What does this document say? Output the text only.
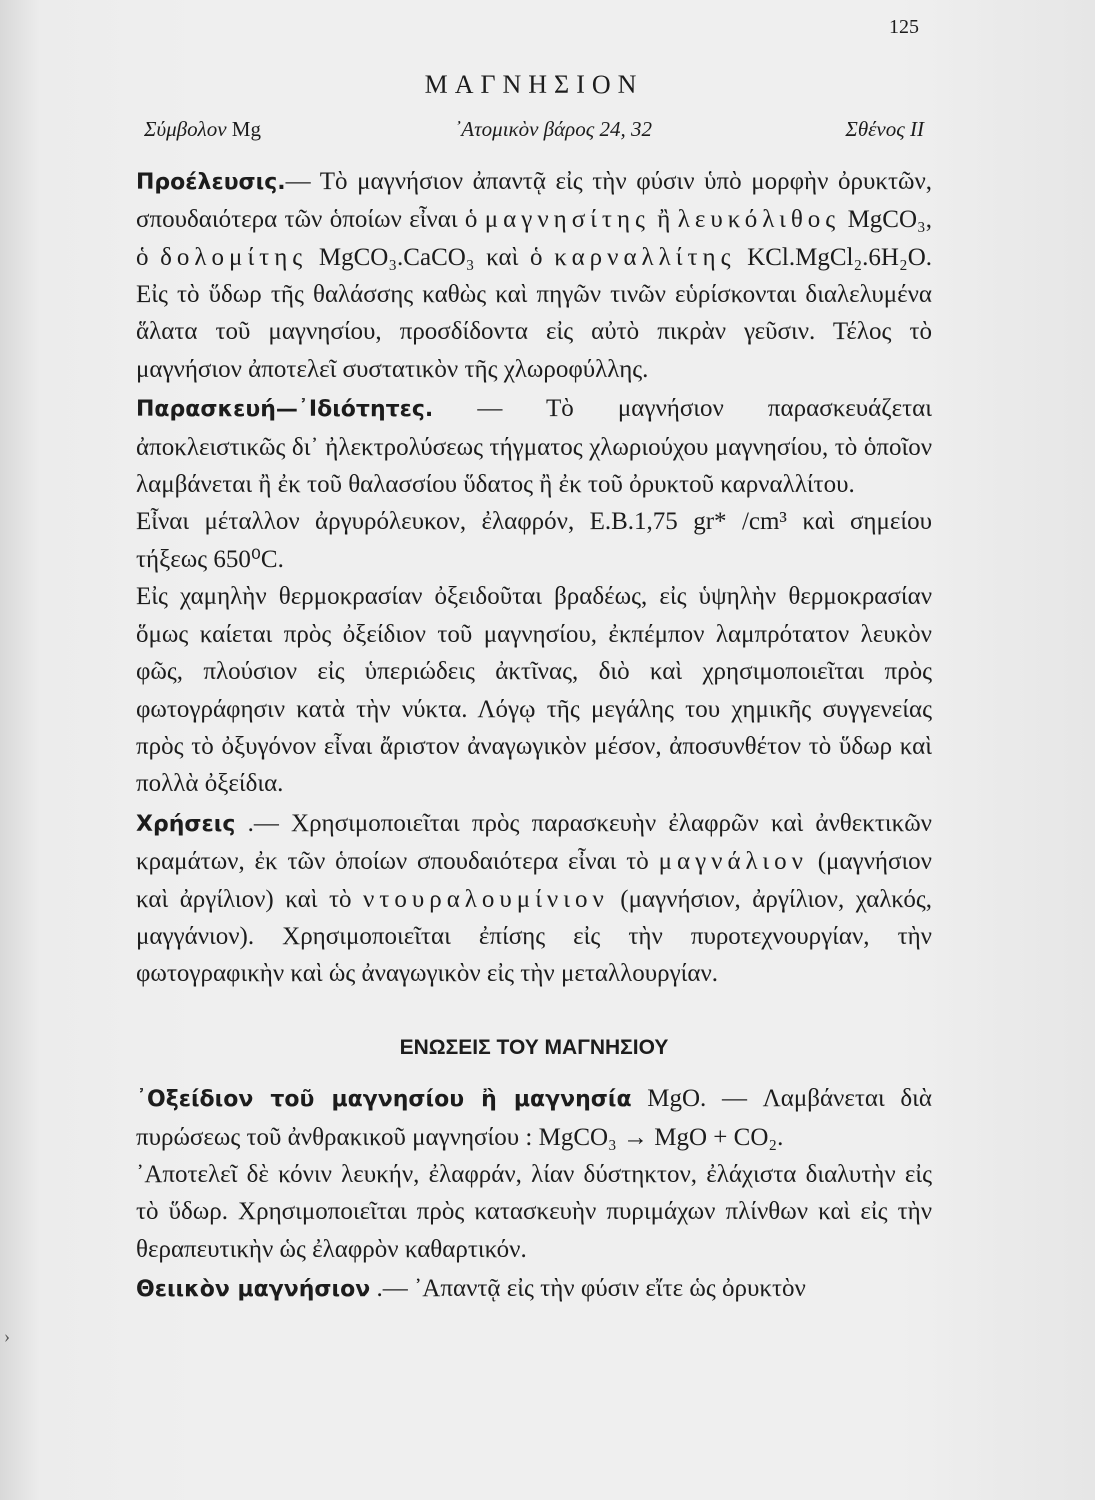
125
ΜΑΓΝΗΣΙΟΝ
Σύμβολον Mg	᾿Ατομικὸν βάρος 24, 32	Σθένος II

Προέλευσις.— Τὸ μαγνήσιον ἀπαντᾷ εἰς τὴν φύσιν ὑπὸ μορφὴν ὀρυκτῶν, σπουδαιότερα τῶν ὁποίων εἶναι ὁ μαγνησίτης ἢ λευκόλιθος MgCO₃, ὁ δολομίτης MgCO₃.CaCO₃ καὶ ὁ καρναλλίτης KCl.MgCl₂.6H₂O. Εἰς τὸ ὕδωρ τῆς θαλάσσης καθὼς καὶ πηγῶν τινῶν εὑρίσκονται διαλελυμένα ἅλατα τοῦ μαγνησίου, προσδίδοντα εἰς αὐτὸ πικρὰν γεῦσιν. Τέλος τὸ μαγνήσιον ἀποτελεῖ συστατικὸν τῆς χλωροφύλλης.

Παρασκευή—᾿Ιδιότητες. — Τὸ μαγνήσιον παρασκευάζεται ἀποκλειστικῶς δι᾿ ἠλεκτρολύσεως τήγματος χλωριούχου μαγνησίου, τὸ ὁποῖον λαμβάνεται ἢ ἐκ τοῦ θαλασσίου ὕδατος ἢ ἐκ τοῦ ὀρυκτοῦ καρναλλίτου.

Εἶναι μέταλλον ἀργυρόλευκον, ἐλαφρόν, Ε.Β.1,75 gr* /cm³ καὶ σημείου τήξεως 650⁰C.

Εἰς χαμηλὴν θερμοκρασίαν ὀξειδοῦται βραδέως, εἰς ὑψηλὴν θερμοκρασίαν ὅμως καίεται πρὸς ὀξείδιον τοῦ μαγνησίου, ἐκπέμπον λαμπρότατον λευκὸν φῶς, πλούσιον εἰς ὑπεριώδεις ἀκτῖνας, διὸ καὶ χρησιμοποιεῖται πρὸς φωτογράφησιν κατὰ τὴν νύκτα. Λόγῳ τῆς μεγάλης του χημικῆς συγγενείας πρὸς τὸ ὀξυγόνον εἶναι ἄριστον ἀναγωγικὸν μέσον, ἀποσυνθέτον τὸ ὕδωρ καὶ πολλὰ ὀξείδια.

Χρήσεις .— Χρησιμοποιεῖται πρὸς παρασκευὴν ἐλαφρῶν καὶ ἀνθεκτικῶν κραμάτων, ἐκ τῶν ὁποίων σπουδαιότερα εἶναι τὸ μαγνάλιον (μαγνήσιον καὶ ἀργίλιον) καὶ τὸ ντουραλουμίνιον (μαγνήσιον, ἀργίλιον, χαλκός, μαγγάνιον). Χρησιμοποιεῖται ἐπίσης εἰς τὴν πυροτεχνουργίαν, τὴν φωτογραφικὴν καὶ ὡς ἀναγωγικὸν εἰς τὴν μεταλλουργίαν.

ΕΝΩΣΕΙΣ ΤΟΥ ΜΑΓΝΗΣΙΟΥ

᾿Οξείδιον τοῦ μαγνησίου ἢ μαγνησία MgO. — Λαμβάνεται διὰ πυρώσεως τοῦ ἀνθρακικοῦ μαγνησίου : MgCO₃ → MgO + CO₂.

᾿Αποτελεῖ δὲ κόνιν λευκήν, ἐλαφράν, λίαν δύστηκτον, ἐλάχιστα διαλυτὴν εἰς τὸ ὕδωρ. Χρησιμοποιεῖται πρὸς κατασκευὴν πυριμάχων πλίνθων καὶ εἰς τὴν θεραπευτικὴν ὡς ἐλαφρὸν καθαρτικόν.

Θειικὸν μαγνήσιον .— ᾿Απαντᾷ εἰς τὴν φύσιν εἴτε ὡς ὀρυκτὸν

›
